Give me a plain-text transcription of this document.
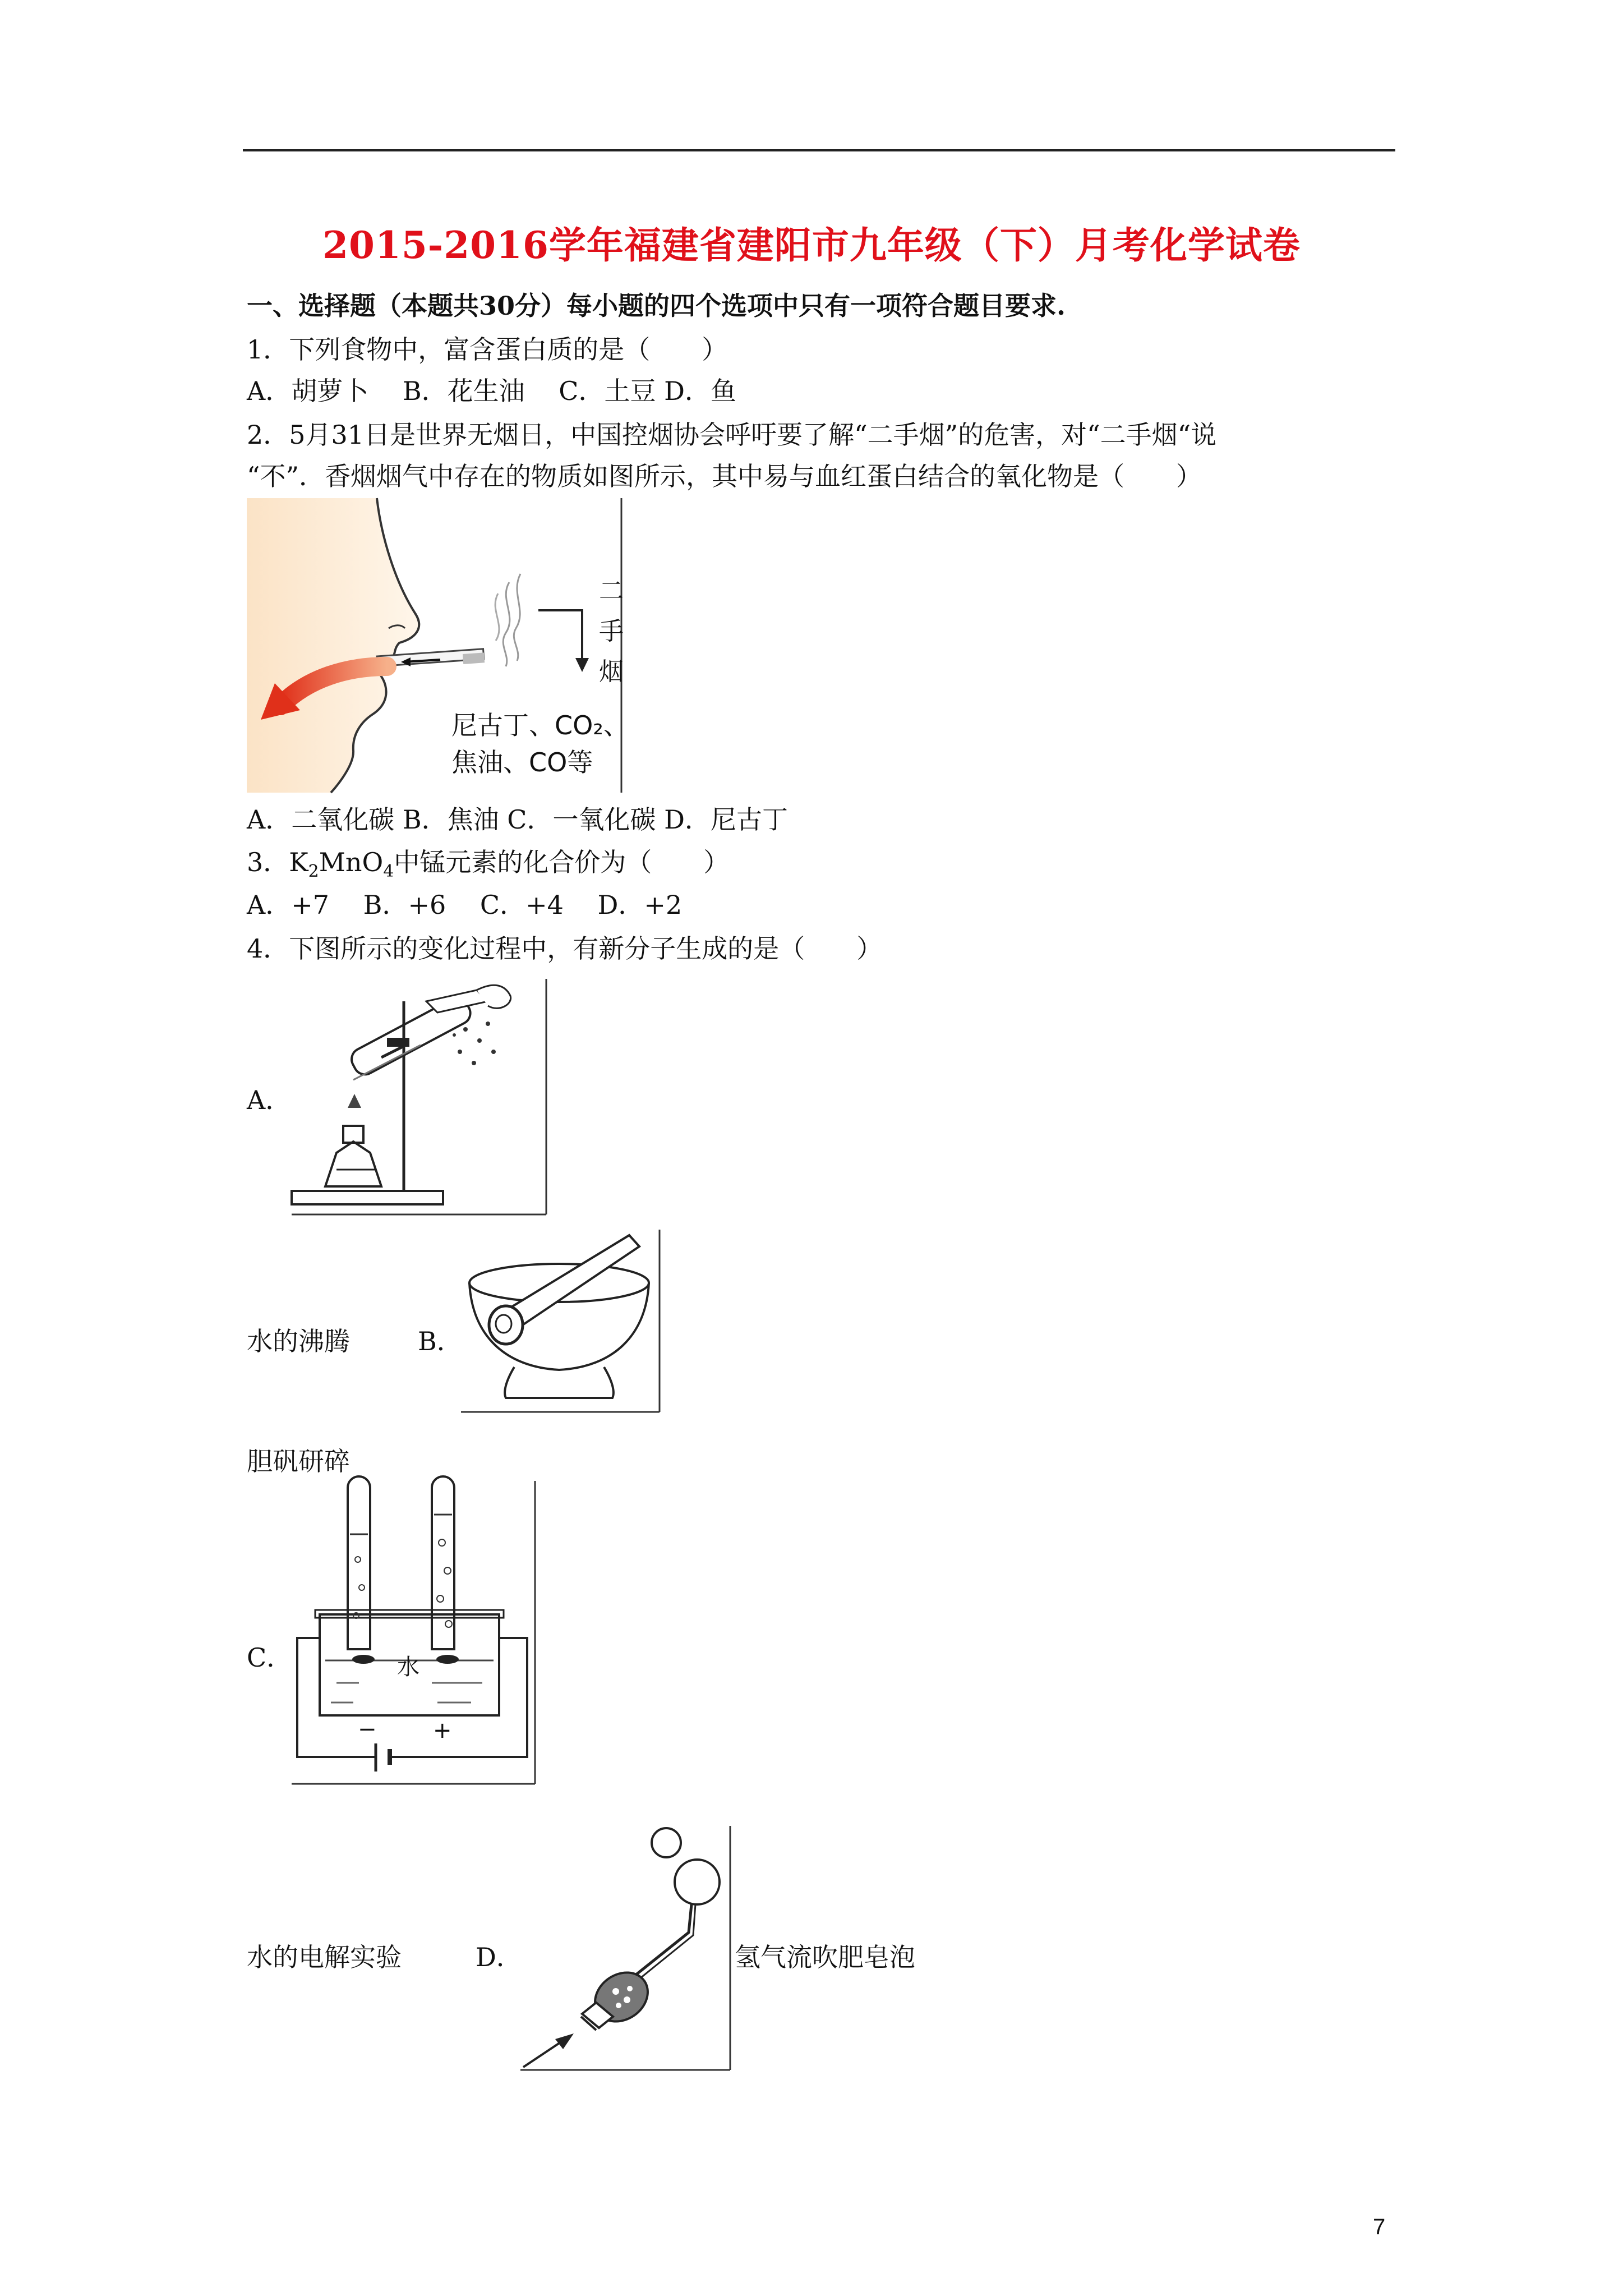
2015-2016学年福建省建阳市九年级（下）月考化学试卷
一、选择题（本题共30分）每小题的四个选项中只有一项符合题目要求.
1．下列食物中，富含蛋白质的是（　　）
A．胡萝卜　 B．花生油　 C．土豆 D．鱼
2．5月31日是世界无烟日，中国控烟协会呼吁要了解“二手烟”的危害，对“二手烟“说
“不”．香烟烟气中存在的物质如图所示，其中易与血红蛋白结合的氧化物是（　　）
二
手
烟
尼古丁、CO₂、
焦油、CO等
A．二氧化碳 B．焦油 C．一氧化碳 D．尼古丁
3．$K_2MnO_4$中锰元素的化合价为（　　）
A．+7　 B．+6　 C．+4　 D．+2
4．下图所示的变化过程中，有新分子生成的是（　　）
A．
水的沸腾	B．
胆矾研碎
C．	水
−	+
水的电解实验	D．	氢气流吹肥皂泡
7
